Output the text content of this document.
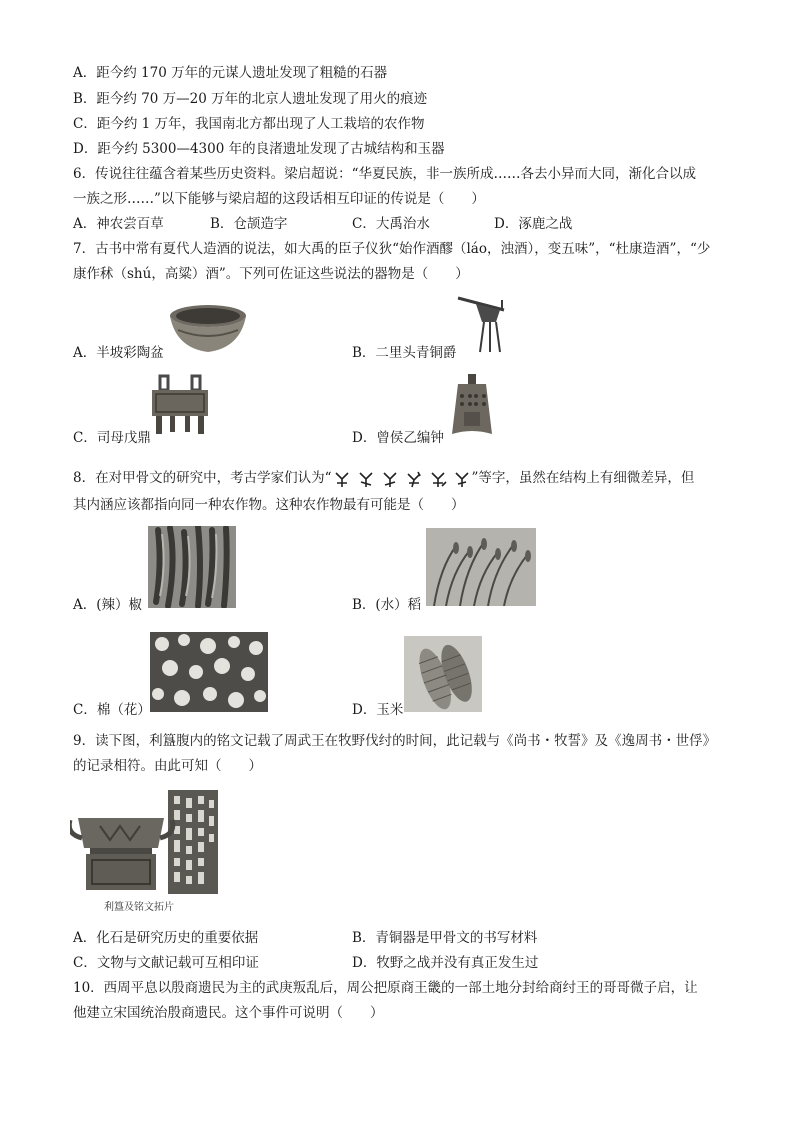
A．距今约 170 万年的元谋人遗址发现了粗糙的石器
B．距今约 70 万—20 万年的北京人遗址发现了用火的痕迹
C．距今约 1 万年，我国南北方都出现了人工栽培的农作物
D．距今约 5300—4300 年的良渚遗址发现了古城结构和玉器
6．传说往往蕴含着某些历史资料。梁启超说：“华夏民族，非一族所成……各去小异而大同，渐化合以成
一族之形……”以下能够与梁启超的这段话相互印证的传说是（　　）
A．神农尝百草	B．仓颉造字	C．大禹治水	D．涿鹿之战
7．古书中常有夏代人造酒的说法，如大禹的臣子仪狄“始作酒醪（láo，浊酒），变五味”，“杜康造酒”，“少
康作秫（shú，高粱）酒”。下列可佐证这些说法的器物是（　　）
A．半坡彩陶盆	B．二里头青铜爵
C．司母戊鼎	D．曾侯乙编钟
8．在对甲骨文的研究中，考古学家们认为“	”等字，虽然在结构上有细微差异，但
其内涵应该都指向同一种农作物。这种农作物最有可能是（　　）
A．(辣）椒	B．(水）稻
C．棉（花）	D．玉米
9．读下图，利簋腹内的铭文记载了周武王在牧野伐纣的时间，此记载与《尚书・牧誓》及《逸周书・世俘》
的记录相符。由此可知（　　）
利簋及铭文拓片
A．化石是研究历史的重要依据	B．青铜器是甲骨文的书写材料
C．文物与文献记载可互相印证	D．牧野之战并没有真正发生过
10．西周平息以殷商遗民为主的武庚叛乱后，周公把原商王畿的一部土地分封给商纣王的哥哥微子启，让
他建立宋国统治殷商遗民。这个事件可说明（　　）
